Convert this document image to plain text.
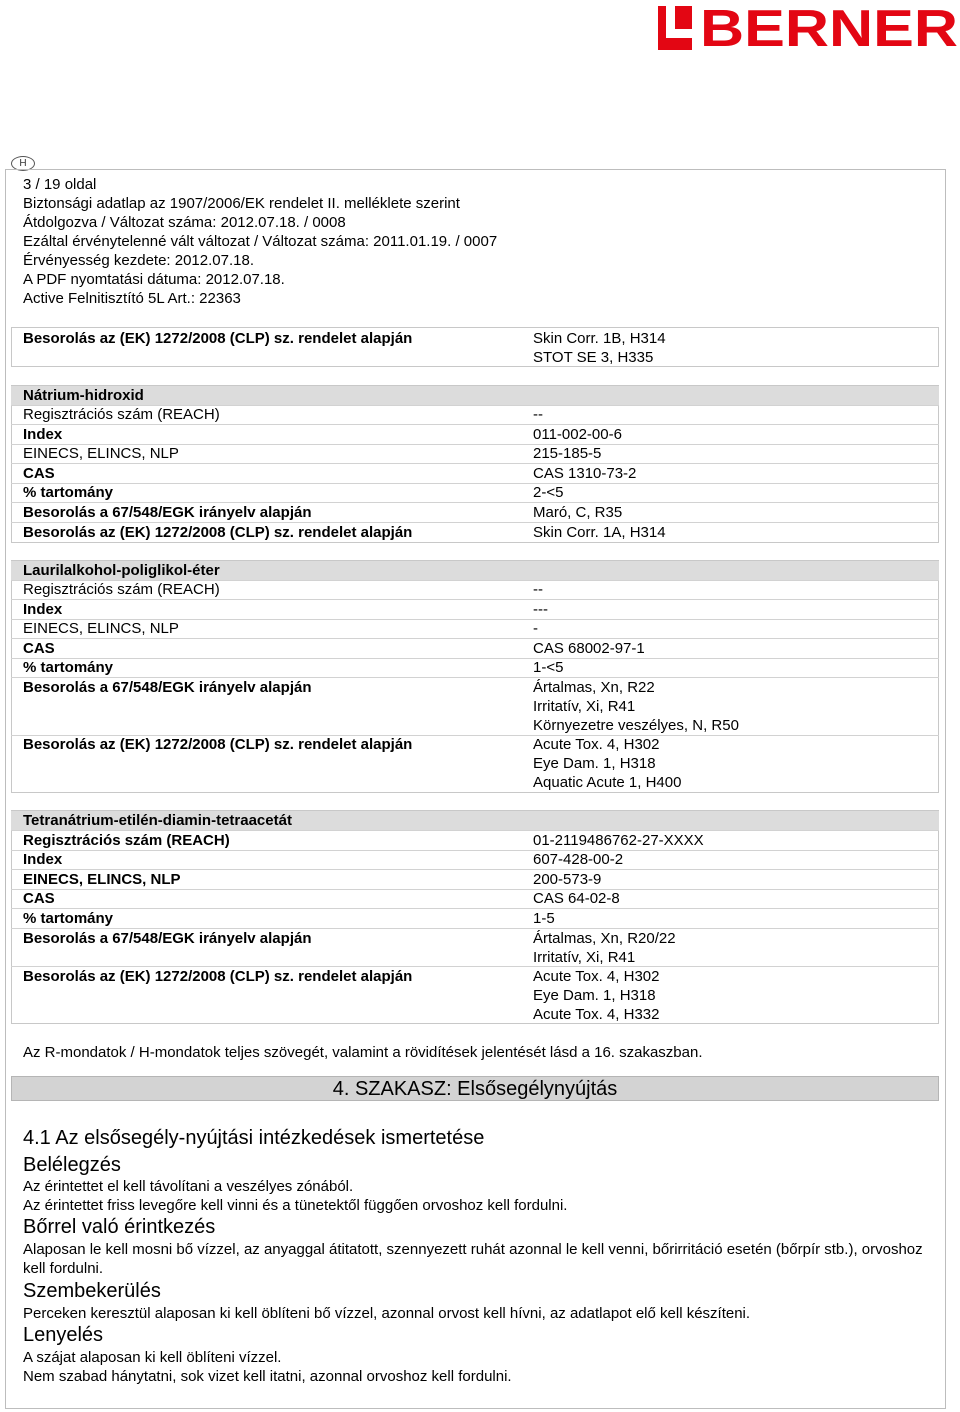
BERNER
H
3 / 19 oldal
Biztonsági adatlap az 1907/2006/EK rendelet II. melléklete szerint
Átdolgozva / Változat száma: 2012.07.18. / 0008
Ezáltal érvénytelenné vált változat / Változat száma: 2011.01.19. / 0007
Érvényesség kezdete: 2012.07.18.
A PDF nyomtatási dátuma: 2012.07.18.
Active Felnitisztító 5L Art.: 22363
Besorolás az (EK) 1272/2008 (CLP) sz. rendelet alapján	Skin Corr. 1B, H314
STOT SE 3, H335
Nátrium-hidroxid
Regisztrációs szám (REACH)	--
Index	011-002-00-6
EINECS, ELINCS, NLP	215-185-5
CAS	CAS 1310-73-2
% tartomány	2-<5
Besorolás a 67/548/EGK irányelv alapján	Maró, C, R35
Besorolás az (EK) 1272/2008 (CLP) sz. rendelet alapján	Skin Corr. 1A, H314
Laurilalkohol-poliglikol-éter
Regisztrációs szám (REACH)	--
Index	---
EINECS, ELINCS, NLP	-
CAS	CAS 68002-97-1
% tartomány	1-<5
Besorolás a 67/548/EGK irányelv alapján	Ártalmas, Xn, R22
Irritatív, Xi, R41
Környezetre veszélyes, N, R50
Besorolás az (EK) 1272/2008 (CLP) sz. rendelet alapján	Acute Tox. 4, H302
Eye Dam. 1, H318
Aquatic Acute 1, H400
Tetranátrium-etilén-diamin-tetraacetát
Regisztrációs szám (REACH)	01-2119486762-27-XXXX
Index	607-428-00-2
EINECS, ELINCS, NLP	200-573-9
CAS	CAS 64-02-8
% tartomány	1-5
Besorolás a 67/548/EGK irányelv alapján	Ártalmas, Xn, R20/22
Irritatív, Xi, R41
Besorolás az (EK) 1272/2008 (CLP) sz. rendelet alapján	Acute Tox. 4, H302
Eye Dam. 1, H318
Acute Tox. 4, H332
Az R-mondatok / H-mondatok teljes szövegét, valamint a rövidítések jelentését lásd a 16. szakaszban.
4. SZAKASZ: Elsősegélynyújtás
4.1 Az elsősegély-nyújtási intézkedések ismertetése
Belélegzés
Az érintettet el kell távolítani a veszélyes zónából.
Az érintettet friss levegőre kell vinni és a tünetektől függően orvoshoz kell fordulni.
Bőrrel való érintkezés
Alaposan le kell mosni bő vízzel, az anyaggal átitatott, szennyezett ruhát azonnal le kell venni, bőrirritáció esetén (bőrpír stb.), orvoshoz kell fordulni.
Szembekerülés
Perceken keresztül alaposan ki kell öblíteni bő vízzel, azonnal orvost kell hívni, az adatlapot elő kell készíteni.
Lenyelés
A szájat alaposan ki kell öblíteni vízzel.
Nem szabad hánytatni, sok vizet kell itatni, azonnal orvoshoz kell fordulni.
